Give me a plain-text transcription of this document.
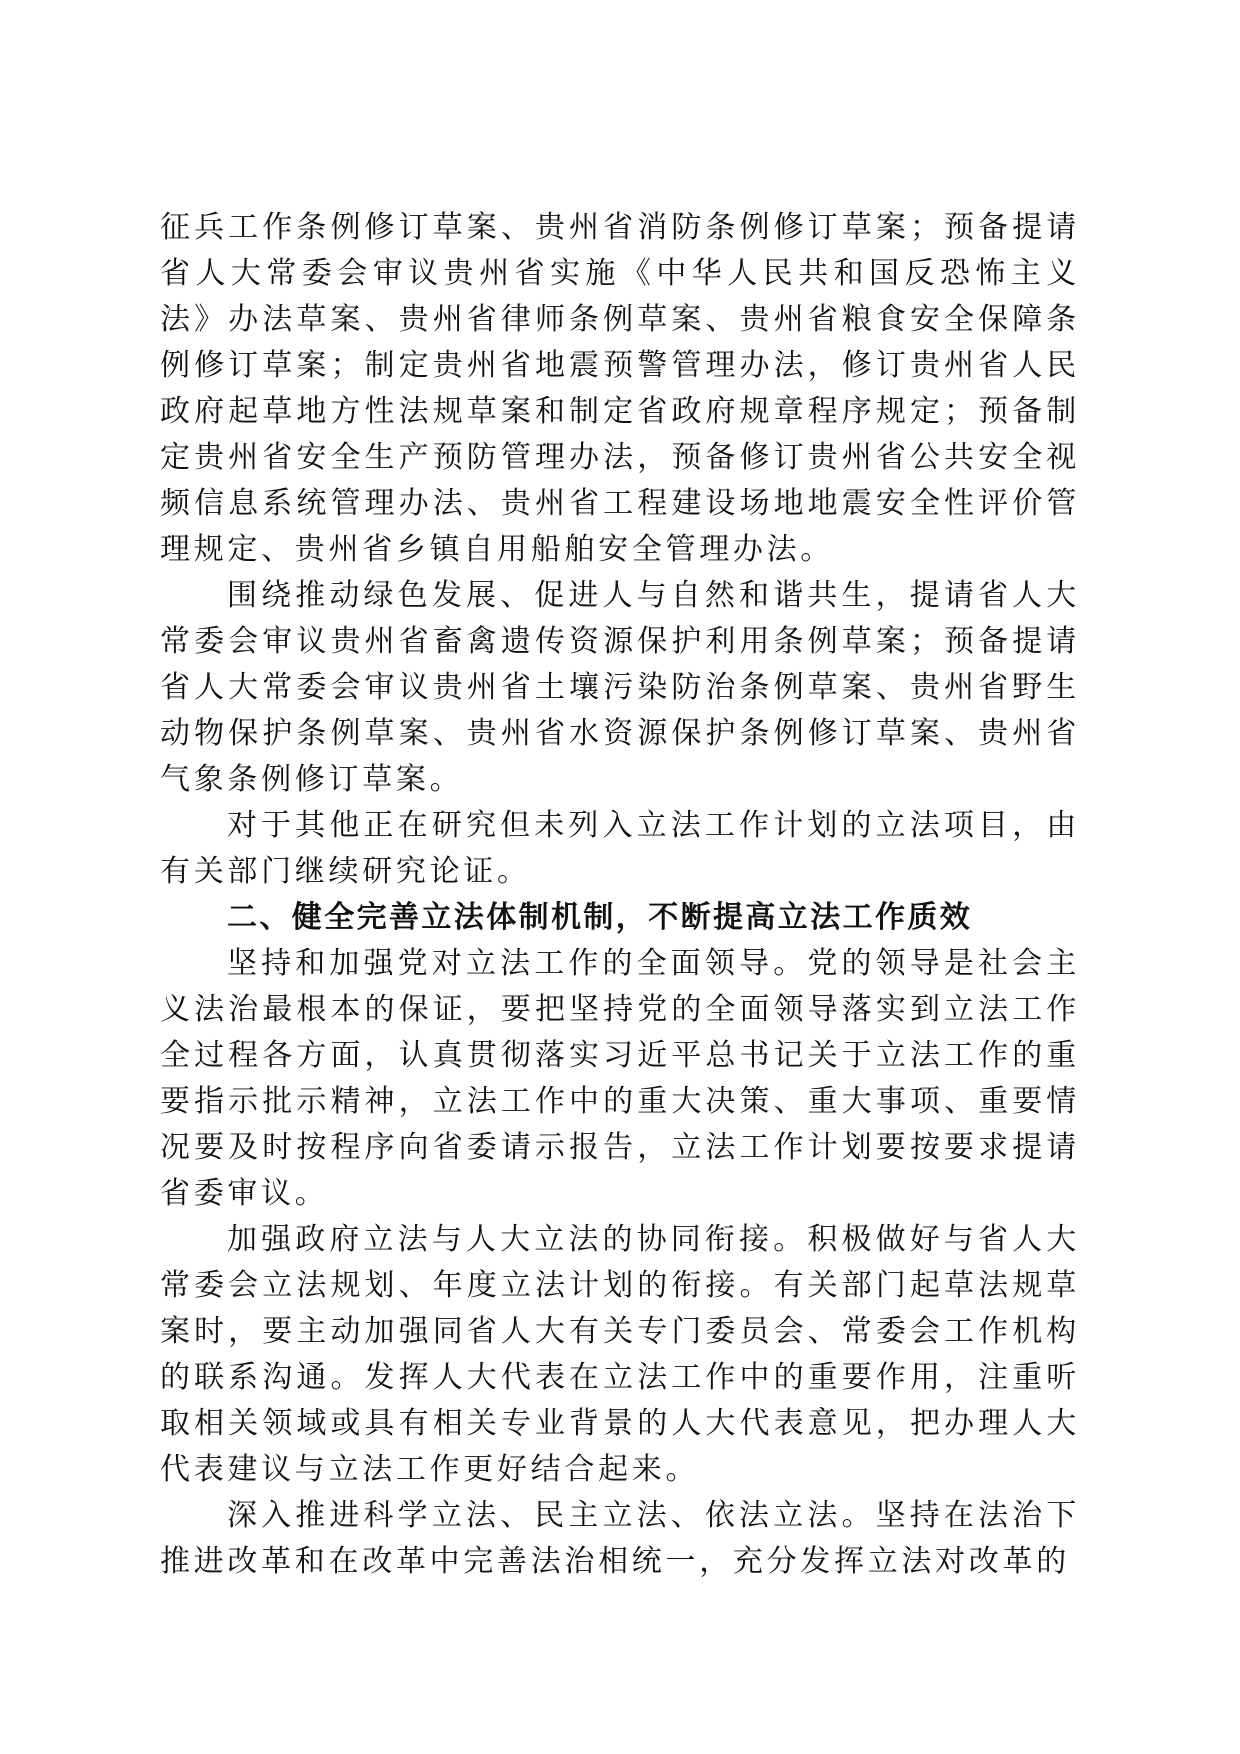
征兵工作条例修订草案、贵州省消防条例修订草案；预备提请省人大常委会审议贵州省实施《中华人民共和国反恐怖主义法》办法草案、贵州省律师条例草案、贵州省粮食安全保障条例修订草案；制定贵州省地震预警管理办法，修订贵州省人民政府起草地方性法规草案和制定省政府规章程序规定；预备制定贵州省安全生产预防管理办法，预备修订贵州省公共安全视频信息系统管理办法、贵州省工程建设场地地震安全性评价管理规定、贵州省乡镇自用船舶安全管理办法。

围绕推动绿色发展、促进人与自然和谐共生，提请省人大常委会审议贵州省畜禽遗传资源保护利用条例草案；预备提请省人大常委会审议贵州省土壤污染防治条例草案、贵州省野生动物保护条例草案、贵州省水资源保护条例修订草案、贵州省气象条例修订草案。

对于其他正在研究但未列入立法工作计划的立法项目，由有关部门继续研究论证。

二、健全完善立法体制机制，不断提高立法工作质效

坚持和加强党对立法工作的全面领导。党的领导是社会主义法治最根本的保证，要把坚持党的全面领导落实到立法工作全过程各方面，认真贯彻落实习近平总书记关于立法工作的重要指示批示精神，立法工作中的重大决策、重大事项、重要情况要及时按程序向省委请示报告，立法工作计划要按要求提请省委审议。

加强政府立法与人大立法的协同衔接。积极做好与省人大常委会立法规划、年度立法计划的衔接。有关部门起草法规草案时，要主动加强同省人大有关专门委员会、常委会工作机构的联系沟通。发挥人大代表在立法工作中的重要作用，注重听取相关领域或具有相关专业背景的人大代表意见，把办理人大代表建议与立法工作更好结合起来。

深入推进科学立法、民主立法、依法立法。坚持在法治下推进改革和在改革中完善法治相统一，充分发挥立法对改革的
